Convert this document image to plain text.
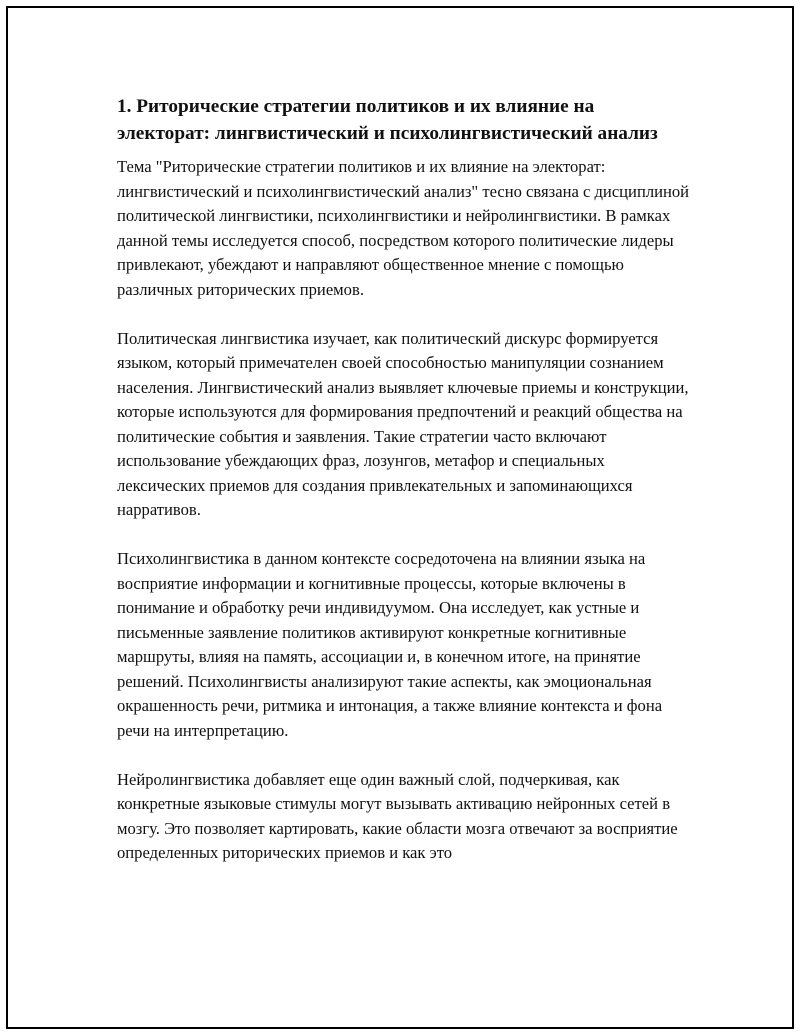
1. Риторические стратегии политиков и их влияние на электорат: лингвистический и психолингвистический анализ

Тема "Риторические стратегии политиков и их влияние на электорат: лингвистический и психолингвистический анализ" тесно связана с дисциплиной политической лингвистики, психолингвистики и нейролингвистики. В рамках данной темы исследуется способ, посредством которого политические лидеры привлекают, убеждают и направляют общественное мнение с помощью различных риторических приемов.

Политическая лингвистика изучает, как политический дискурс формируется языком, который примечателен своей способностью манипуляции сознанием населения. Лингвистический анализ выявляет ключевые приемы и конструкции, которые используются для формирования предпочтений и реакций общества на политические события и заявления. Такие стратегии часто включают использование убеждающих фраз, лозунгов, метафор и специальных лексических приемов для создания привлекательных и запоминающихся нарративов.

Психолингвистика в данном контексте сосредоточена на влиянии языка на восприятие информации и когнитивные процессы, которые включены в понимание и обработку речи индивидуумом. Она исследует, как устные и письменные заявление политиков активируют конкретные когнитивные маршруты, влияя на память, ассоциации и, в конечном итоге, на принятие решений. Психолингвисты анализируют такие аспекты, как эмоциональная окрашенность речи, ритмика и интонация, а также влияние контекста и фона речи на интерпретацию.

Нейролингвистика добавляет еще один важный слой, подчеркивая, как конкретные языковые стимулы могут вызывать активацию нейронных сетей в мозгу. Это позволяет картировать, какие области мозга отвечают за восприятие определенных риторических приемов и как это
